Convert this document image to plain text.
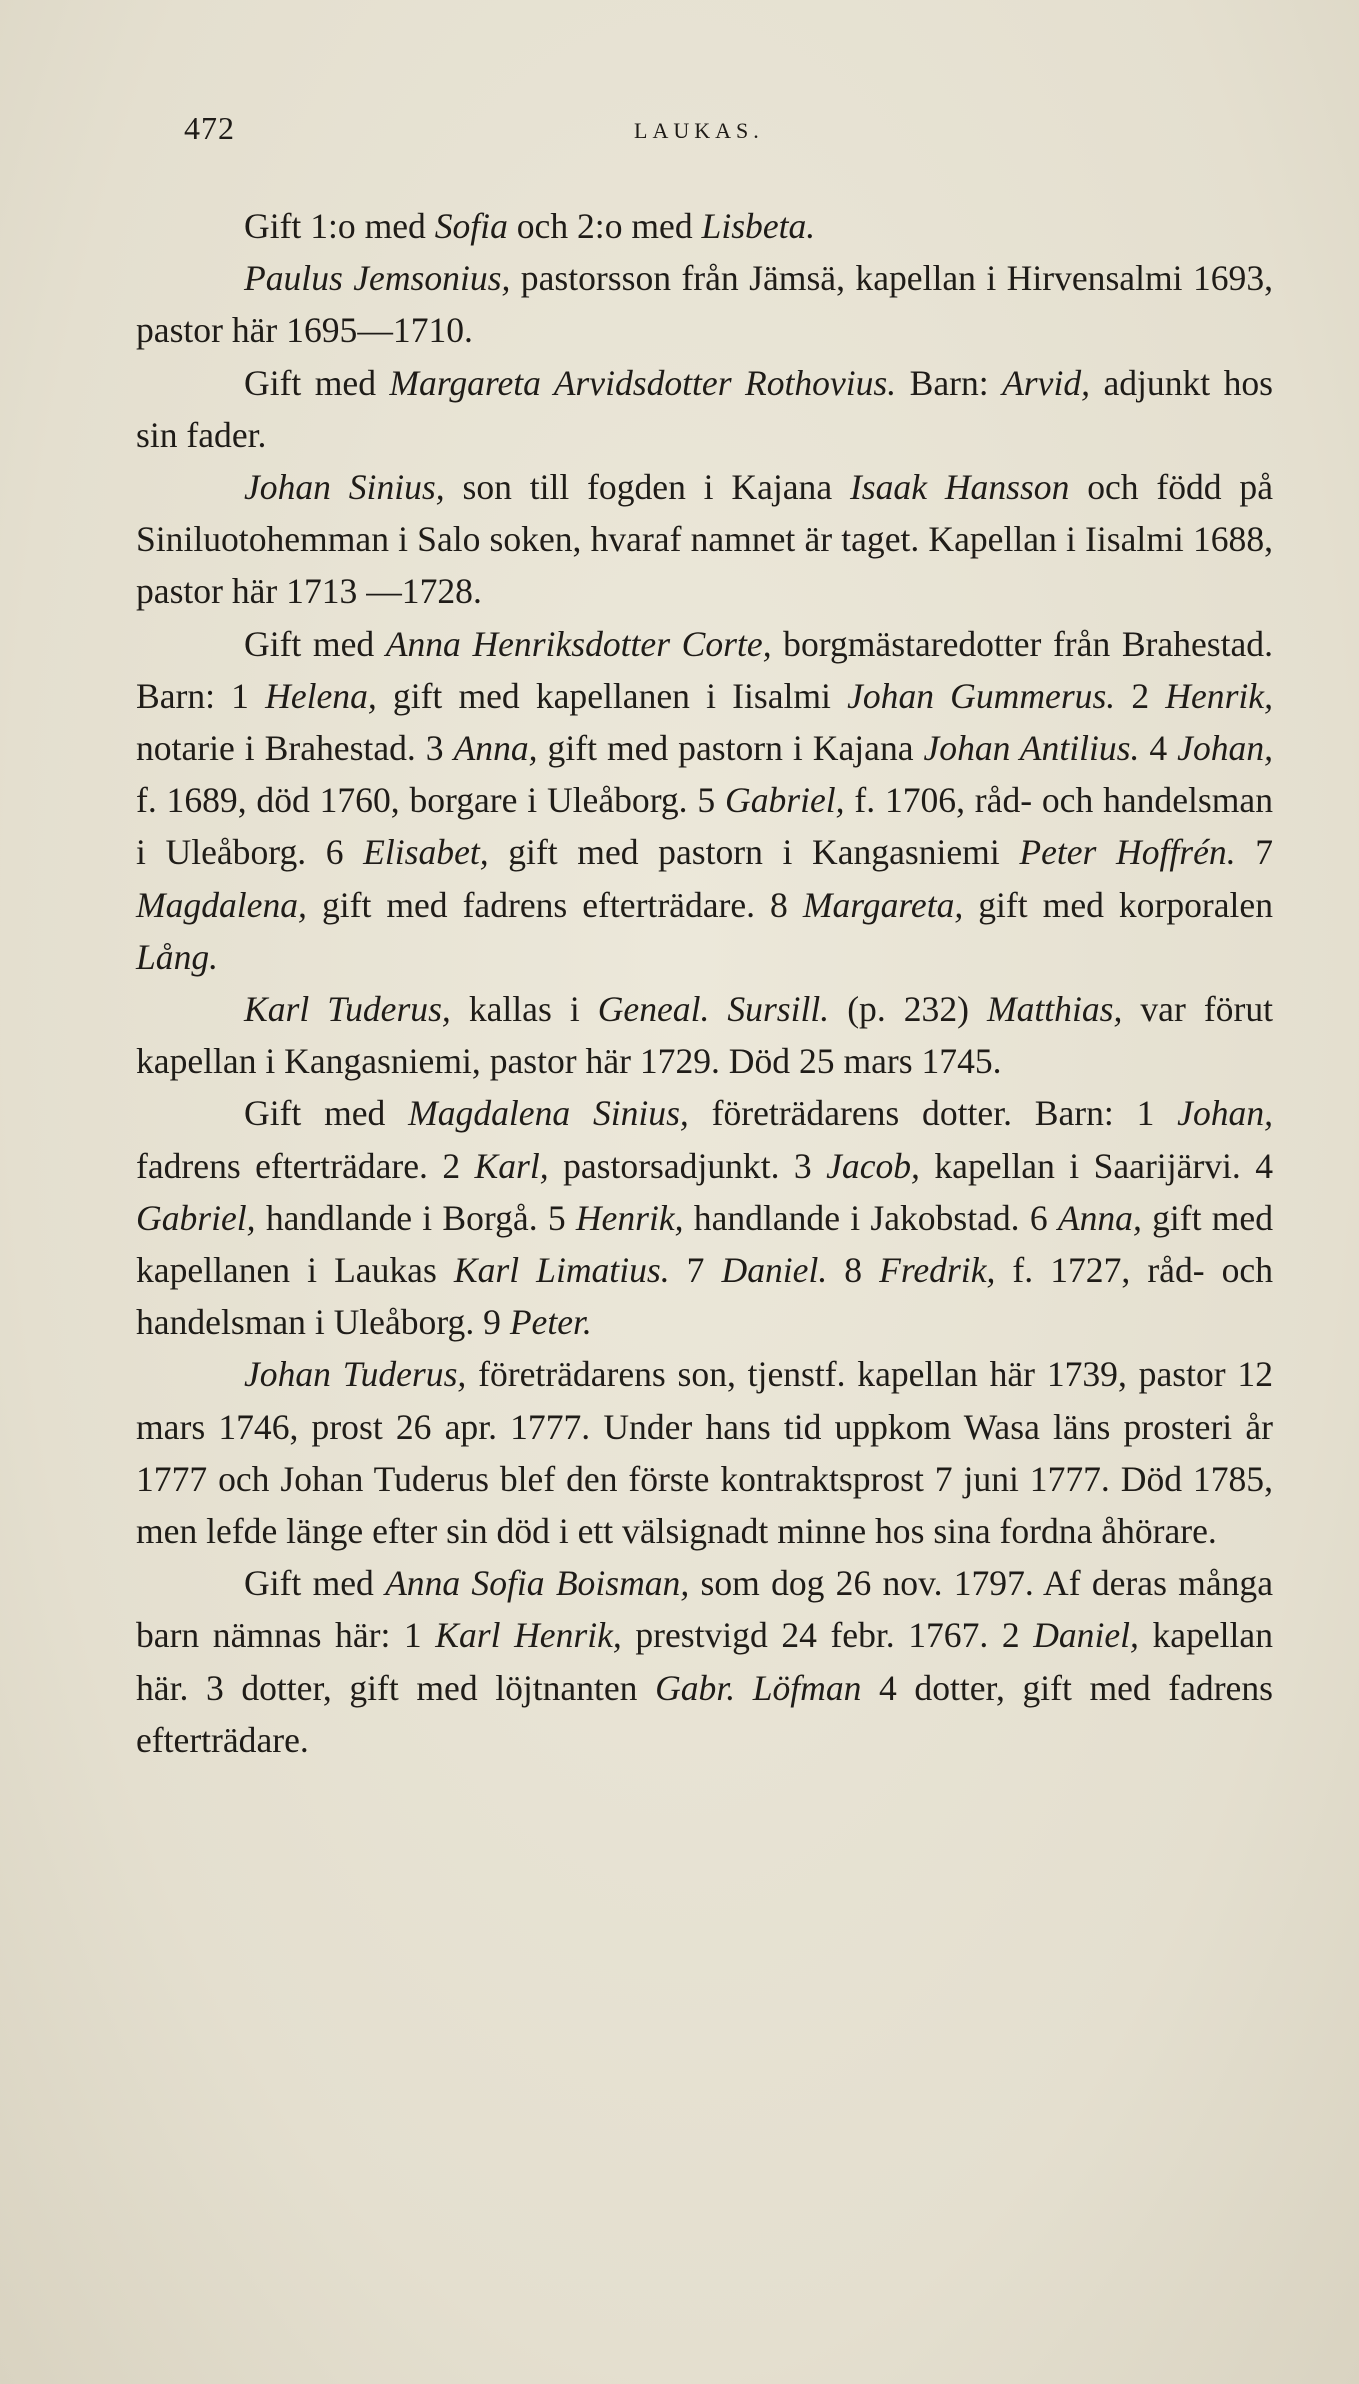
472	LAUKAS.

Gift 1:o med Sofia och 2:o med Lisbeta.

Paulus Jemsonius, pastorsson från Jämsä, kapellan i Hirvensalmi 1693, pastor här 1695—1710.

Gift med Margareta Arvidsdotter Rothovius. Barn: Arvid, adjunkt hos sin fader.

Johan Sinius, son till fogden i Kajana Isaak Hansson och född på Siniluotohemman i Salo soken, hvaraf namnet är taget. Kapellan i Iisalmi 1688, pastor här 1713 —1728.

Gift med Anna Henriksdotter Corte, borgmästaredotter från Brahestad. Barn: 1 Helena, gift med kapellanen i Iisalmi Johan Gummerus. 2 Henrik, notarie i Brahestad. 3 Anna, gift med pastorn i Kajana Johan Antilius. 4 Johan, f. 1689, död 1760, borgare i Uleåborg. 5 Gabriel, f. 1706, råd- och handelsman i Uleåborg. 6 Elisabet, gift med pastorn i Kangasniemi Peter Hoffrén. 7 Magdalena, gift med fadrens efterträdare. 8 Margareta, gift med korporalen Lång.

Karl Tuderus, kallas i Geneal. Sursill. (p. 232) Matthias, var förut kapellan i Kangasniemi, pastor här 1729. Död 25 mars 1745.

Gift med Magdalena Sinius, företrädarens dotter. Barn: 1 Johan, fadrens efterträdare. 2 Karl, pastorsadjunkt. 3 Jacob, kapellan i Saarijärvi. 4 Gabriel, handlande i Borgå. 5 Henrik, handlande i Jakobstad. 6 Anna, gift med kapellanen i Laukas Karl Limatius. 7 Daniel. 8 Fredrik, f. 1727, råd- och handelsman i Uleåborg. 9 Peter.

Johan Tuderus, företrädarens son, tjenstf. kapellan här 1739, pastor 12 mars 1746, prost 26 apr. 1777. Under hans tid uppkom Wasa läns prosteri år 1777 och Johan Tuderus blef den förste kontraktsprost 7 juni 1777. Död 1785, men lefde länge efter sin död i ett välsignadt minne hos sina fordna åhörare.

Gift med Anna Sofia Boisman, som dog 26 nov. 1797. Af deras många barn nämnas här: 1 Karl Henrik, prestvigd 24 febr. 1767. 2 Daniel, kapellan här. 3 dotter, gift med löjtnanten Gabr. Löfman 4 dotter, gift med fadrens efterträdare.
